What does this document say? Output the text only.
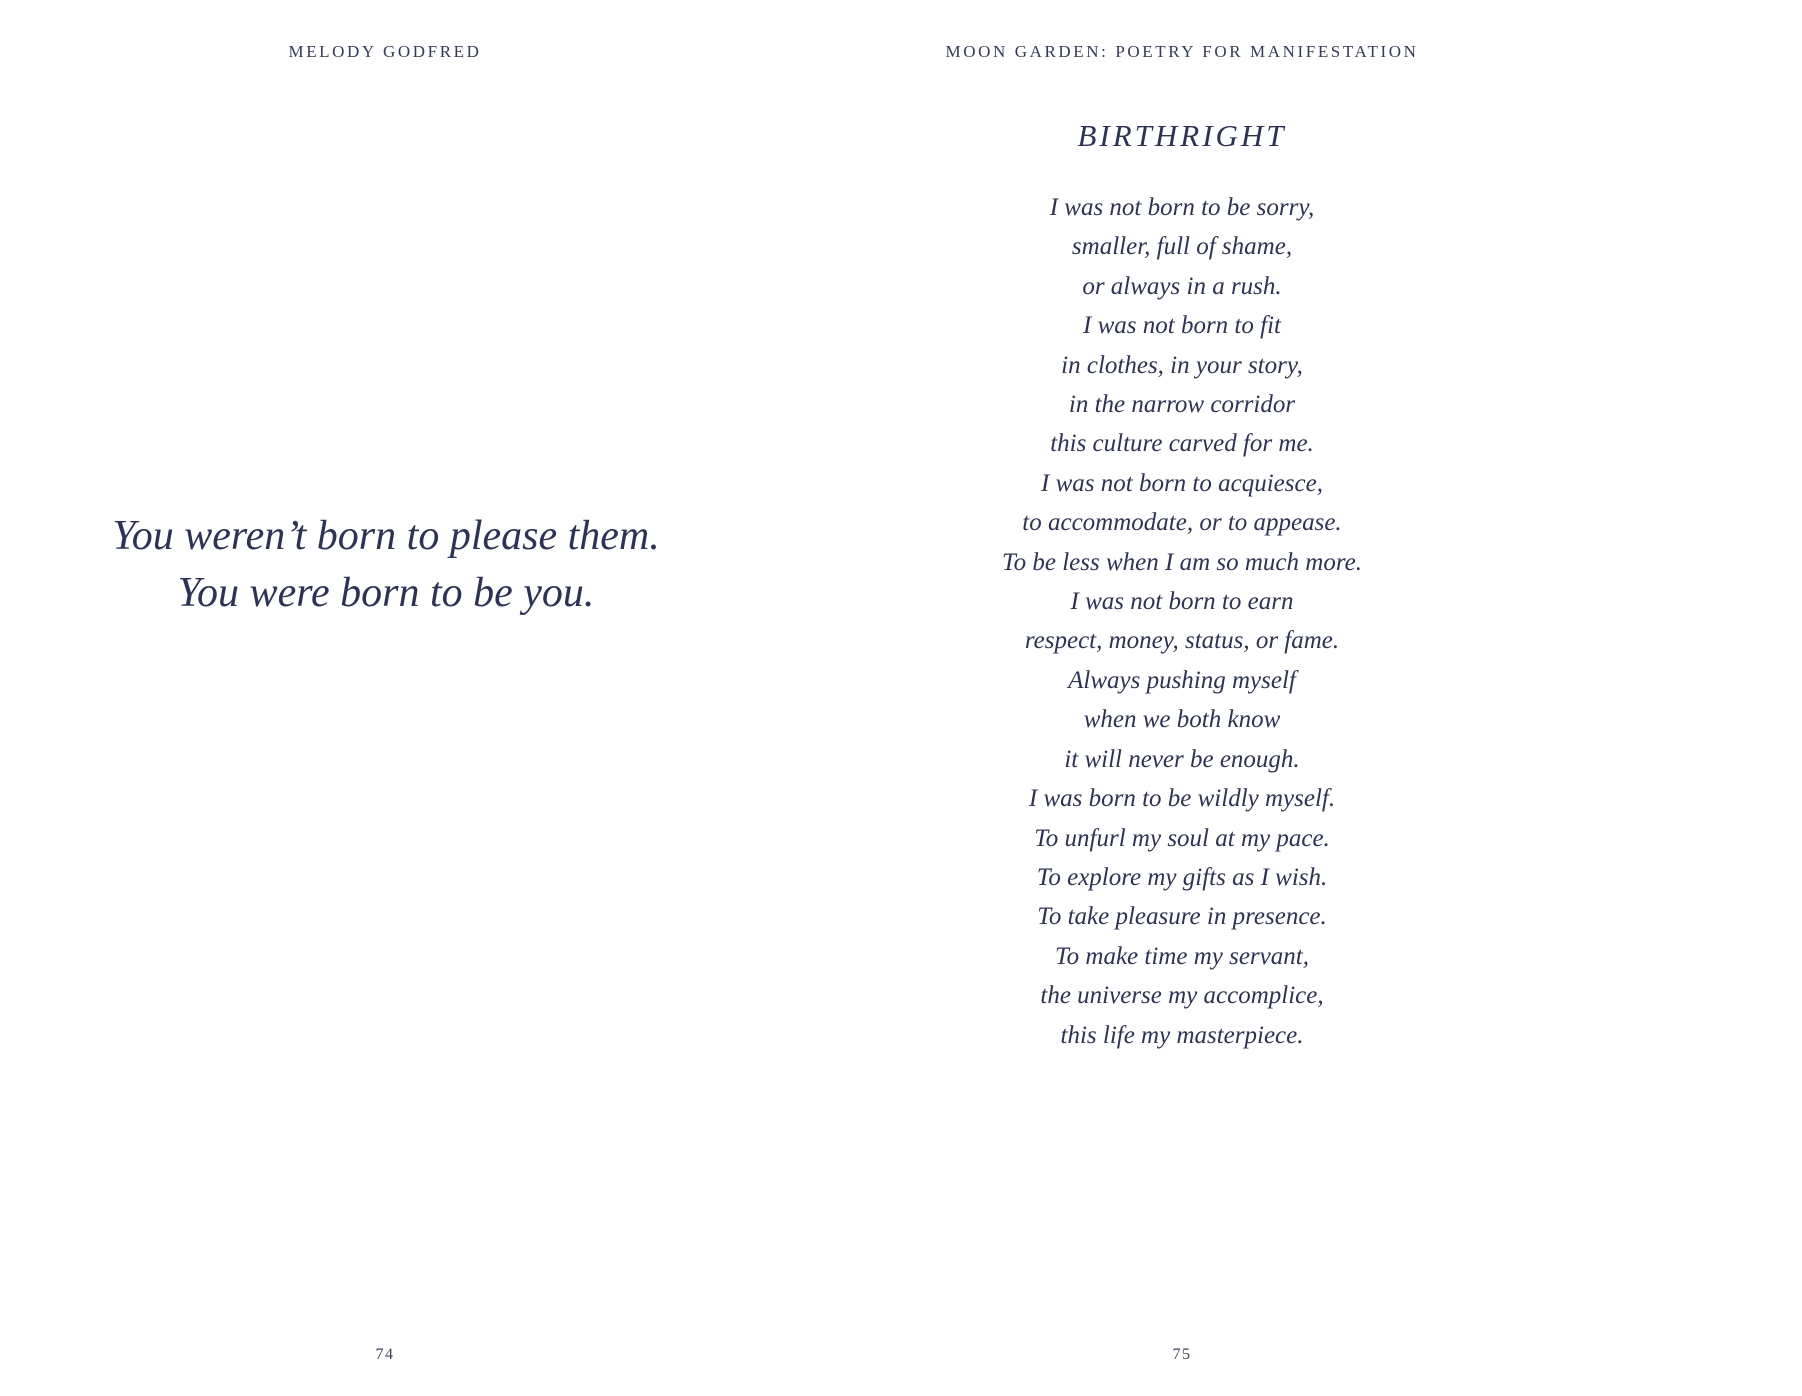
MELODY GODFRED
You weren’t born to please them.
You were born to be you.
74
MOON GARDEN: POETRY FOR MANIFESTATION
BIRTHRIGHT
I was not born to be sorry,
smaller, full of shame,
or always in a rush.
I was not born to fit
in clothes, in your story,
in the narrow corridor
this culture carved for me.
I was not born to acquiesce,
to accommodate, or to appease.
To be less when I am so much more.
I was not born to earn
respect, money, status, or fame.
Always pushing myself
when we both know
it will never be enough.
I was born to be wildly myself.
To unfurl my soul at my pace.
To explore my gifts as I wish.
To take pleasure in presence.
To make time my servant,
the universe my accomplice,
this life my masterpiece.
75
